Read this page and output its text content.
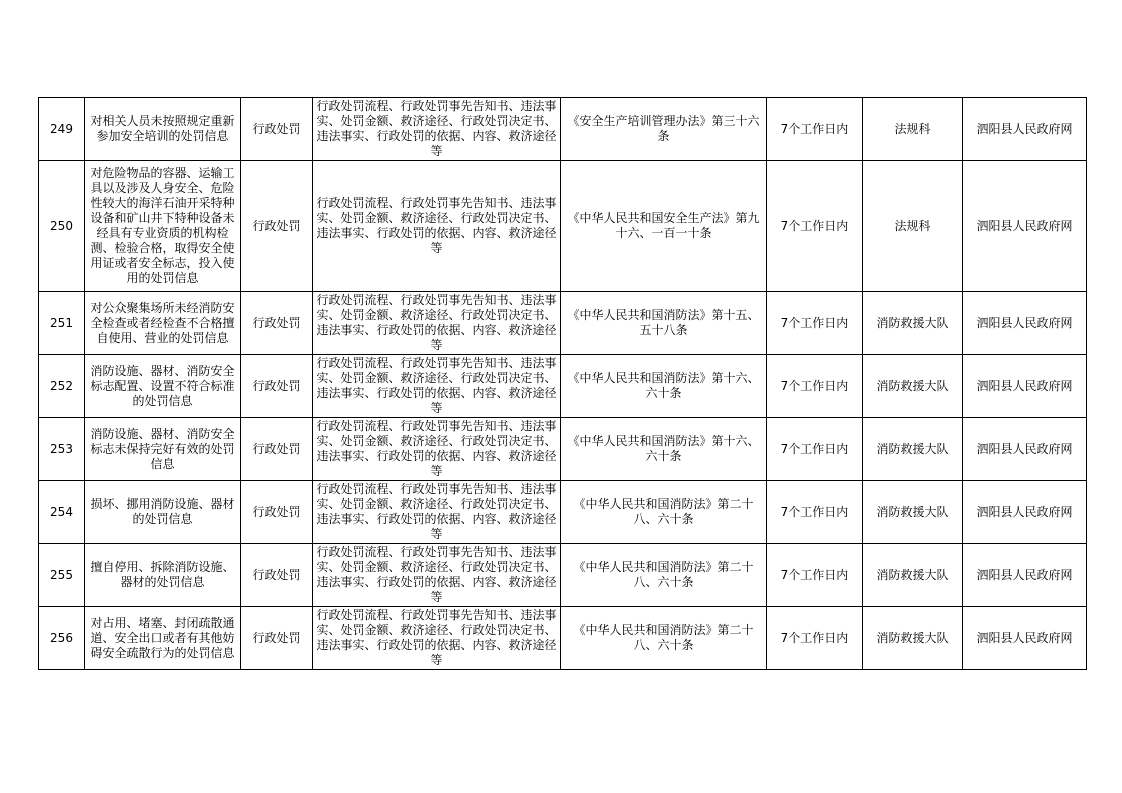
249	对相关人员未按照规定重新参加安全培训的处罚信息	行政处罚	行政处罚流程、行政处罚事先告知书、违法事实、处罚金额、救济途径、行政处罚决定书、违法事实、行政处罚的依据、内容、救济途径等	《安全生产培训管理办法》第三十六条	7个工作日内	法规科	泗阳县人民政府网
250	对危险物品的容器、运输工具以及涉及人身安全、危险性较大的海洋石油开采特种设备和矿山井下特种设备未经具有专业资质的机构检测、检验合格，取得安全使用证或者安全标志，投入使用的处罚信息	行政处罚	行政处罚流程、行政处罚事先告知书、违法事实、处罚金额、救济途径、行政处罚决定书、违法事实、行政处罚的依据、内容、救济途径等	《中华人民共和国安全生产法》第九十六、一百一十条	7个工作日内	法规科	泗阳县人民政府网
251	对公众聚集场所未经消防安全检查或者经检查不合格擅自使用、营业的处罚信息	行政处罚	行政处罚流程、行政处罚事先告知书、违法事实、处罚金额、救济途径、行政处罚决定书、违法事实、行政处罚的依据、内容、救济途径等	《中华人民共和国消防法》第十五、五十八条	7个工作日内	消防救援大队	泗阳县人民政府网
252	消防设施、器材、消防安全标志配置、设置不符合标准的处罚信息	行政处罚	行政处罚流程、行政处罚事先告知书、违法事实、处罚金额、救济途径、行政处罚决定书、违法事实、行政处罚的依据、内容、救济途径等	《中华人民共和国消防法》第十六、六十条	7个工作日内	消防救援大队	泗阳县人民政府网
253	消防设施、器材、消防安全标志未保持完好有效的处罚信息	行政处罚	行政处罚流程、行政处罚事先告知书、违法事实、处罚金额、救济途径、行政处罚决定书、违法事实、行政处罚的依据、内容、救济途径等	《中华人民共和国消防法》第十六、六十条	7个工作日内	消防救援大队	泗阳县人民政府网
254	损坏、挪用消防设施、器材的处罚信息	行政处罚	行政处罚流程、行政处罚事先告知书、违法事实、处罚金额、救济途径、行政处罚决定书、违法事实、行政处罚的依据、内容、救济途径等	《中华人民共和国消防法》第二十八、六十条	7个工作日内	消防救援大队	泗阳县人民政府网
255	擅自停用、拆除消防设施、器材的处罚信息	行政处罚	行政处罚流程、行政处罚事先告知书、违法事实、处罚金额、救济途径、行政处罚决定书、违法事实、行政处罚的依据、内容、救济途径等	《中华人民共和国消防法》第二十八、六十条	7个工作日内	消防救援大队	泗阳县人民政府网
256	对占用、堵塞、封闭疏散通道、安全出口或者有其他妨碍安全疏散行为的处罚信息	行政处罚	行政处罚流程、行政处罚事先告知书、违法事实、处罚金额、救济途径、行政处罚决定书、违法事实、行政处罚的依据、内容、救济途径等	《中华人民共和国消防法》第二十八、六十条	7个工作日内	消防救援大队	泗阳县人民政府网
